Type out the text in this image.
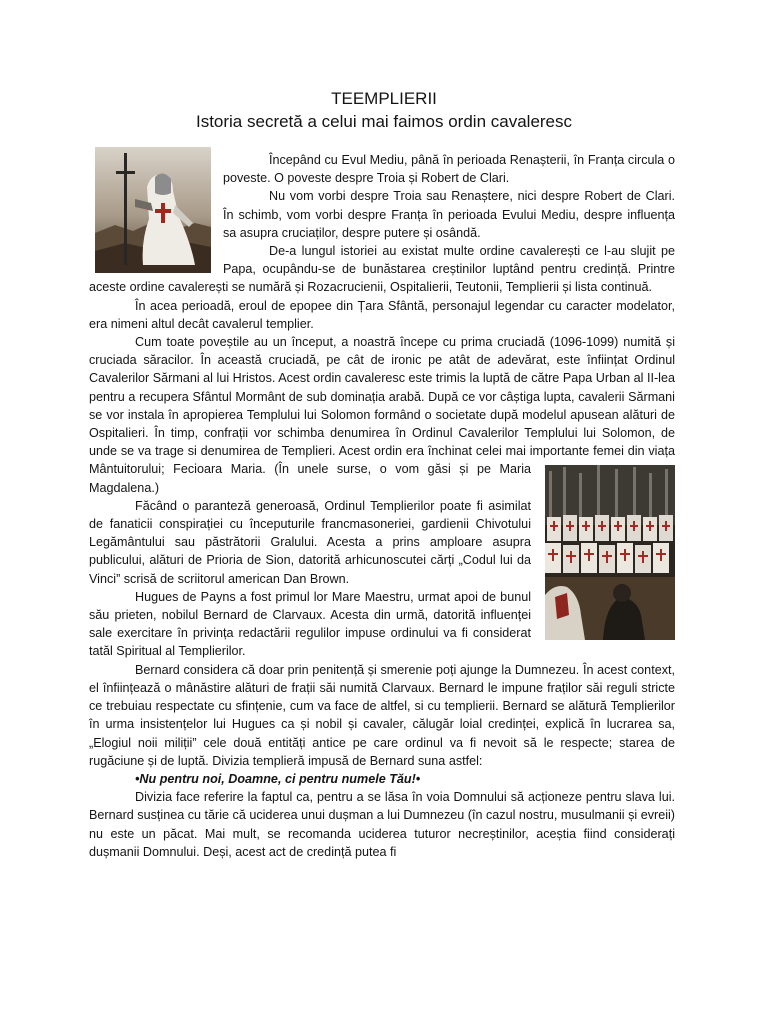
TEEMPLIERII
Istoria secretă a celui mai faimos ordin cavaleresc

Începând cu Evul Mediu, până în perioada Renașterii, în Franța circula o poveste. O poveste despre Troia și Robert de Clari.

Nu vom vorbi despre Troia sau Renaștere, nici despre Robert de Clari. În schimb, vom vorbi despre Franța în perioada Evului Mediu, despre influența sa asupra cruciaților, despre putere și osândă.

De-a lungul istoriei au existat multe ordine cavalerești ce l-au slujit pe Papa, ocupându-se de bunăstarea creștinilor luptând pentru credință. Printre aceste ordine cavalerești se numără și Rozacrucienii, Ospitalierii, Teutonii, Templierii și lista continuă.

În acea perioadă, eroul de epopee din Țara Sfântă, personajul legendar cu caracter modelator, era nimeni altul decât cavalerul templier.

Cum toate poveștile au un început, a noastră începe cu prima cruciadă (1096-1099) numită și cruciada săracilor. În această cruciadă, pe cât de ironic pe atât de adevărat, este înființat Ordinul Cavalerilor Sărmani al lui Hristos. Acest ordin cavaleresc este trimis la luptă de către Papa Urban al II-lea pentru a recupera Sfântul Mormânt de sub dominația arabă. După ce vor câștiga lupta, cavalerii Sărmani se vor instala în apropierea Templului lui Solomon formând o societate după modelul apusean alături de Ospitalieri. În timp, confrații vor schimba denumirea în Ordinul Cavalerilor Templului lui Solomon, de unde se va trage si denumirea de Templieri. Acest ordin era închinat celei mai importante femei din viața Mântuitorului; Fecioara Maria. (În unele surse, o vom găsi și pe Maria Magdalena.)

Făcând o paranteză generoasă, Ordinul Templierilor poate fi asimilat de fanaticii conspirației cu începuturile francmasoneriei, gardienii Chivotului Legământului sau păstrătorii Gralului. Acesta a prins amploare asupra publicului, alături de Prioria de Sion, datorită arhicunoscutei cărți „Codul lui da Vinci” scrisă de scriitorul american Dan Brown.

Hugues de Payns a fost primul lor Mare Maestru, urmat apoi de bunul său prieten, nobilul Bernard de Clarvaux. Acesta din urmă, datorită influenței sale exercitare în privința redactării regulilor impuse ordinului va fi considerat tatăl Spiritual al Templierilor.

Bernard considera că doar prin penitență și smerenie poți ajunge la Dumnezeu. În acest context, el înființează o mânăstire alături de frații săi numită Clarvaux. Bernard le impune fraților săi reguli stricte ce trebuiau respectate cu sfințenie, cum va face de altfel, si cu templierii. Bernard se alătură Templierilor în urma insistențelor lui Hugues ca și nobil și cavaler, călugăr loial credinței, explică în lucrarea sa, „Elogiul noii miliții” cele două entități antice pe care ordinul va fi nevoit să le respecte; starea de rugăciune și de luptă. Divizia templieră impusă de Bernard suna astfel:

•Nu pentru noi, Doamne, ci pentru numele Tău!•

Divizia face referire la faptul ca, pentru a se lăsa în voia Domnului să acționeze pentru slava lui. Bernard susținea cu tărie că uciderea unui dușman a lui Dumnezeu (în cazul nostru, musulmanii și evreii) nu este un păcat. Mai mult, se recomanda uciderea tuturor necreștinilor, aceștia fiind considerați dușmanii Domnului. Deși, acest act de credință putea fi
